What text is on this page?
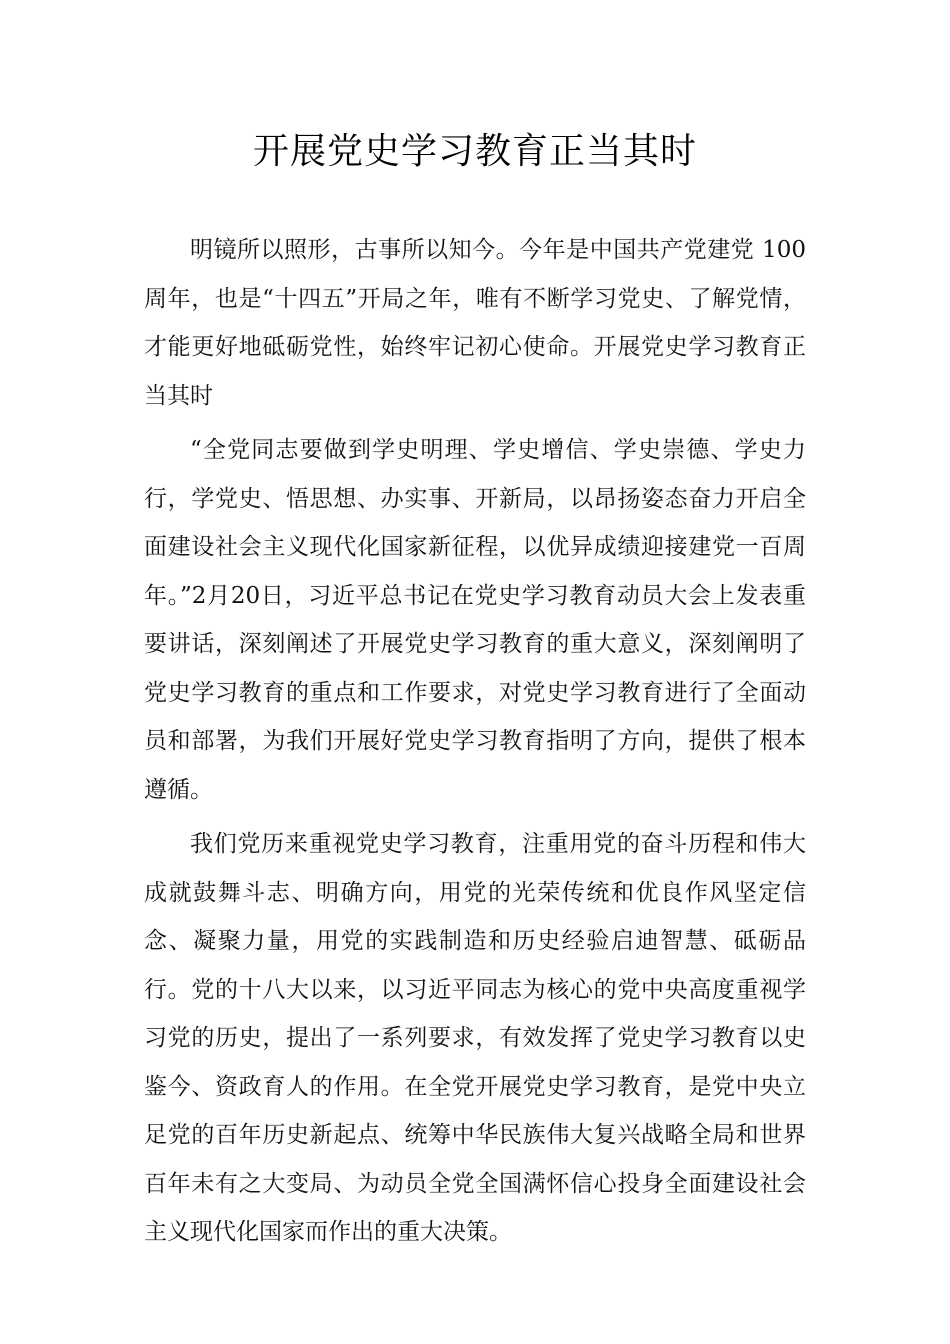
开展党史学习教育正当其时

明镜所以照形，古事所以知今。今年是中国共产党建党 100周年，也是“十四五”开局之年，唯有不断学习党史、了解党情，才能更好地砥砺党性，始终牢记初心使命。开展党史学习教育正当其时

“全党同志要做到学史明理、学史增信、学史崇德、学史力行，学党史、悟思想、办实事、开新局，以昂扬姿态奋力开启全面建设社会主义现代化国家新征程，以优异成绩迎接建党一百周年。”2月20日，习近平总书记在党史学习教育动员大会上发表重要讲话，深刻阐述了开展党史学习教育的重大意义，深刻阐明了党史学习教育的重点和工作要求，对党史学习教育进行了全面动员和部署，为我们开展好党史学习教育指明了方向，提供了根本遵循。

我们党历来重视党史学习教育，注重用党的奋斗历程和伟大成就鼓舞斗志、明确方向，用党的光荣传统和优良作风坚定信念、凝聚力量，用党的实践制造和历史经验启迪智慧、砥砺品行。党的十八大以来，以习近平同志为核心的党中央高度重视学习党的历史，提出了一系列要求，有效发挥了党史学习教育以史鉴今、资政育人的作用。在全党开展党史学习教育，是党中央立足党的百年历史新起点、统筹中华民族伟大复兴战略全局和世界百年未有之大变局、为动员全党全国满怀信心投身全面建设社会主义现代化国家而作出的重大决策。
